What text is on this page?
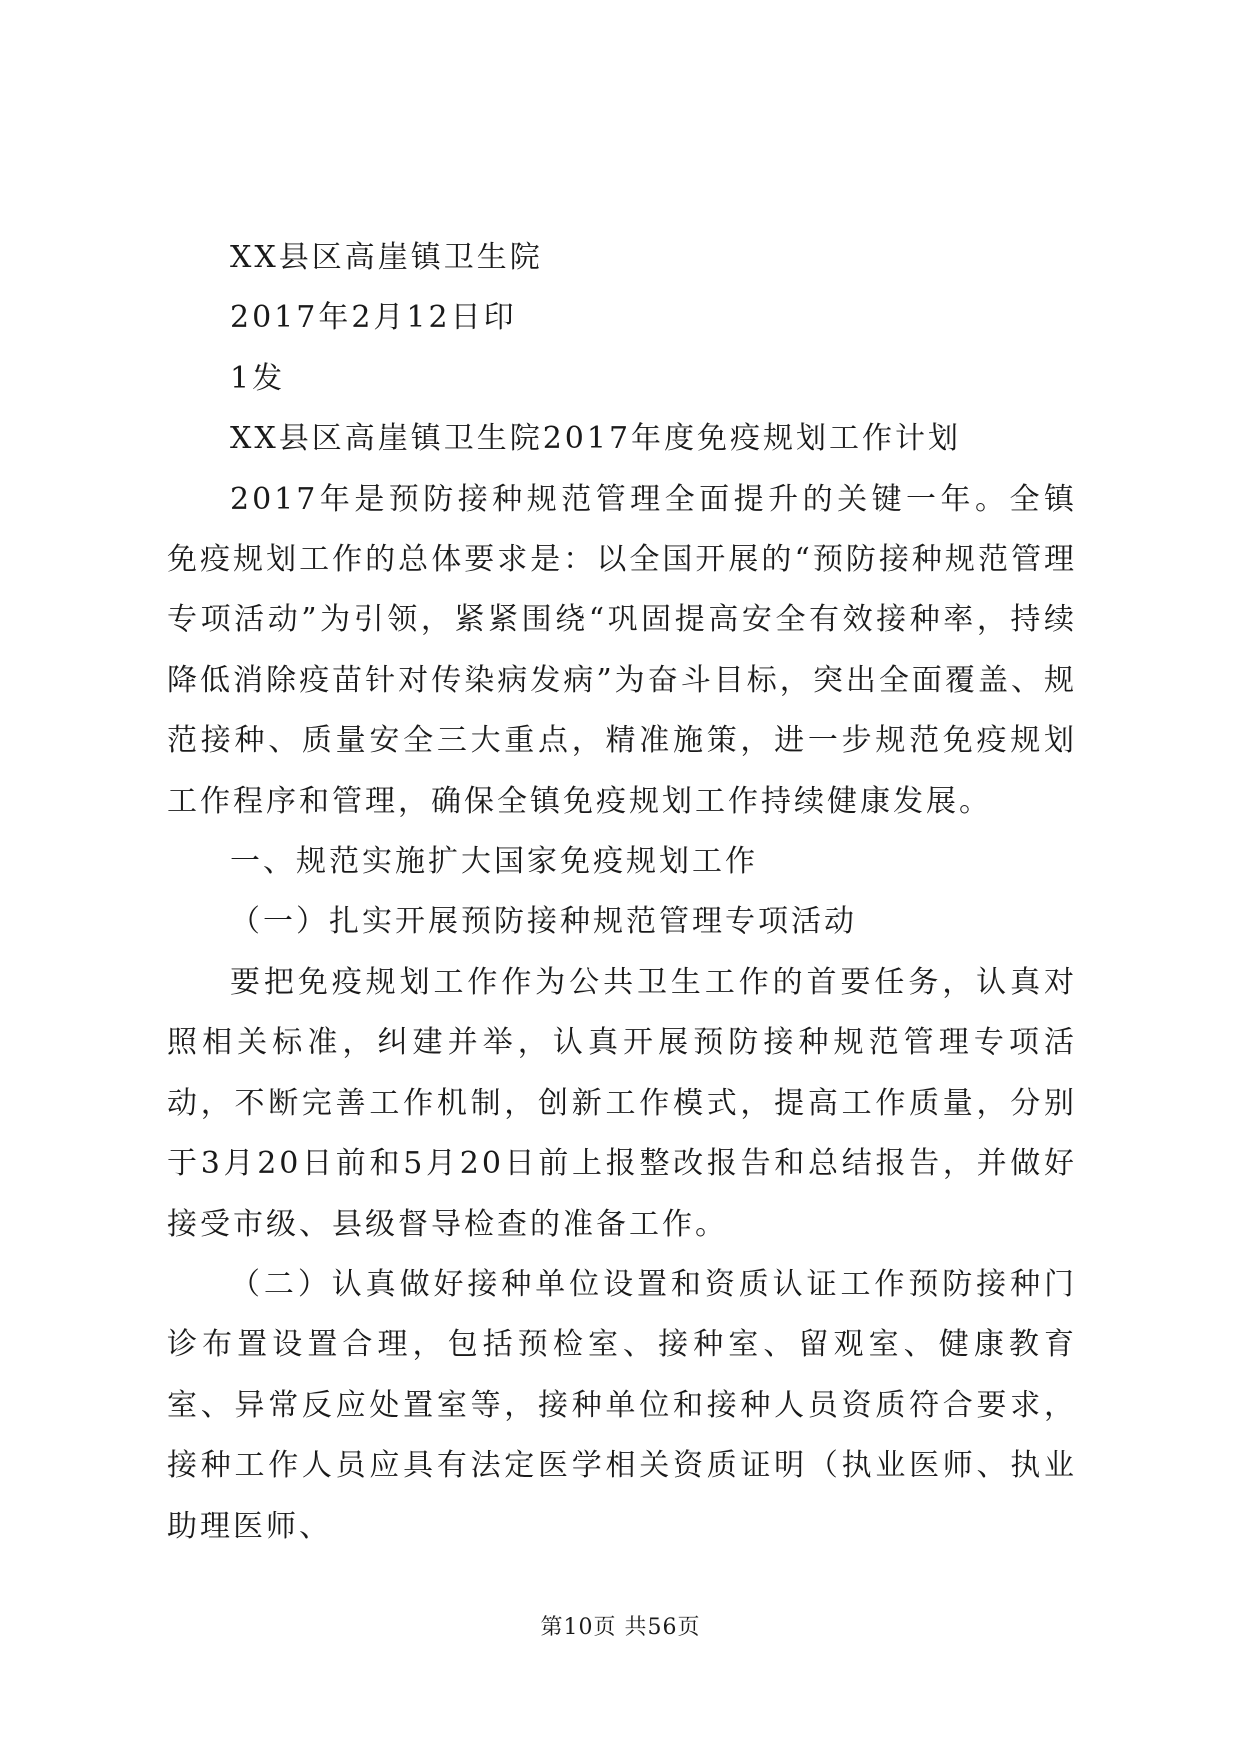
XX县区高崖镇卫生院

2017年2月12日印

1发

XX县区高崖镇卫生院2017年度免疫规划工作计划

2017年是预防接种规范管理全面提升的关键一年。全镇免疫规划工作的总体要求是：以全国开展的“预防接种规范管理专项活动”为引领，紧紧围绕“巩固提高安全有效接种率，持续降低消除疫苗针对传染病发病”为奋斗目标，突出全面覆盖、规范接种、质量安全三大重点，精准施策，进一步规范免疫规划工作程序和管理，确保全镇免疫规划工作持续健康发展。

一、规范实施扩大国家免疫规划工作

（一）扎实开展预防接种规范管理专项活动

要把免疫规划工作作为公共卫生工作的首要任务，认真对照相关标准，纠建并举，认真开展预防接种规范管理专项活动，不断完善工作机制，创新工作模式，提高工作质量，分别于3月20日前和5月20日前上报整改报告和总结报告，并做好接受市级、县级督导检查的准备工作。

（二）认真做好接种单位设置和资质认证工作预防接种门诊布置设置合理，包括预检室、接种室、留观室、健康教育室、异常反应处置室等，接种单位和接种人员资质符合要求，接种工作人员应具有法定医学相关资质证明（执业医师、执业助理医师、

第10页 共56页
